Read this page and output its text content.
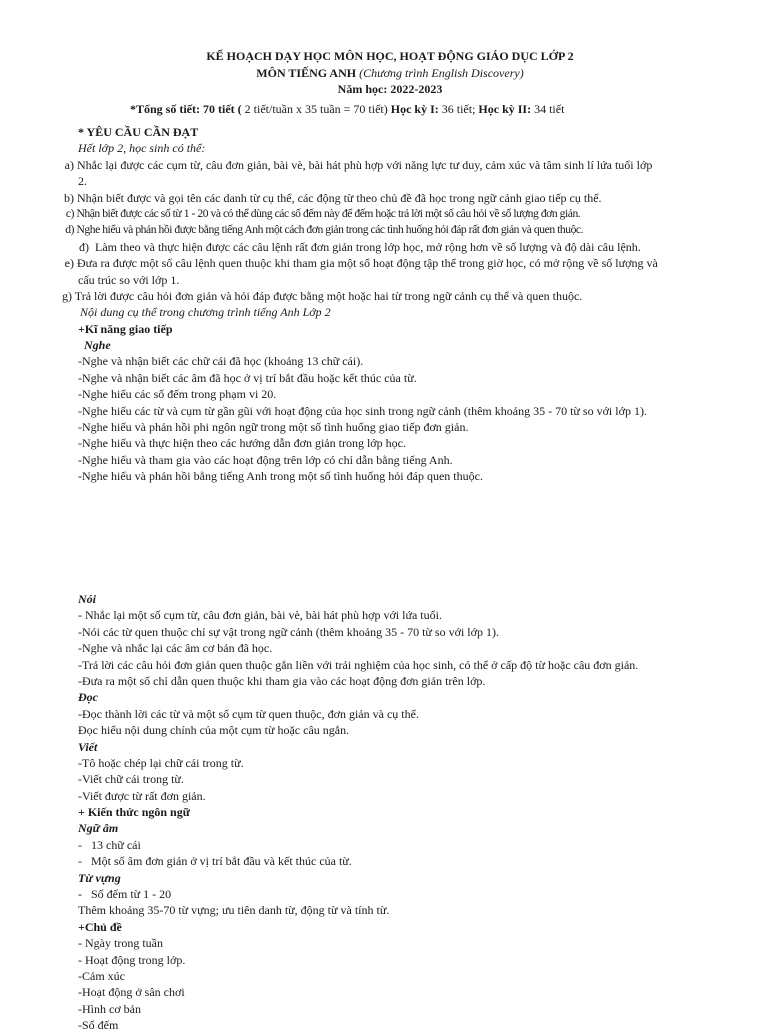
KẾ HOẠCH DẠY HỌC MÔN HỌC, HOẠT ĐỘNG GIÁO DỤC LỚP 2
MÔN TIẾNG ANH (Chương trình English Discovery)
Năm học: 2022-2023
*Tổng số tiết: 70 tiết ( 2 tiết/tuần x 35 tuần = 70 tiết) Học kỳ I: 36 tiết; Học kỳ II: 34 tiết
* YÊU CẦU CẦN ĐẠT
Hết lớp 2, học sinh có thể:
a) Nhắc lại được các cụm từ, câu đơn giản, bài vè, bài hát phù hợp với năng lực tư duy, cảm xúc và tâm sinh lí lứa tuổi lớp
2.
b) Nhận biết được và gọi tên các danh từ cụ thể, các động từ theo chủ đề đã học trong ngữ cảnh giao tiếp cụ thể.
c) Nhận biết được các số từ 1 - 20 và có thể dùng các số đếm này để đếm hoặc trả lời một số câu hỏi về số lượng đơn giản.
d) Nghe hiểu và phản hồi được bằng tiếng Anh một cách đơn giản trong các tình huống hỏi đáp rất đơn giản và quen thuộc.
đ) Làm theo và thực hiện được các câu lệnh rất đơn giản trong lớp học, mở rộng hơn về số lượng và độ dài câu lệnh.
e) Đưa ra được một số câu lệnh quen thuộc khi tham gia một số hoạt động tập thể trong giờ học, có mở rộng về số lượng và
cấu trúc so với lớp 1.
g) Trả lời được câu hỏi đơn giản và hỏi đáp được bằng một hoặc hai từ trong ngữ cảnh cụ thể và quen thuộc.
Nội dung cụ thể trong chương trình tiếng Anh Lớp 2
+Kĩ năng giao tiếp
Nghe
-Nghe và nhận biết các chữ cái đã học (khoảng 13 chữ cái).
-Nghe và nhận biết các âm đã học ở vị trí bắt đầu hoặc kết thúc của từ.
-Nghe hiểu các số đếm trong phạm vi 20.
-Nghe hiểu các từ và cụm từ gần gũi với hoạt động của học sinh trong ngữ cảnh (thêm khoảng 35 - 70 từ so với lớp 1).
-Nghe hiểu và phản hồi phi ngôn ngữ trong một số tình huống giao tiếp đơn giản.
-Nghe hiểu và thực hiện theo các hướng dẫn đơn giản trong lớp học.
-Nghe hiểu và tham gia vào các hoạt động trên lớp có chỉ dẫn bằng tiếng Anh.
-Nghe hiểu và phản hồi bằng tiếng Anh trong một số tình huống hỏi đáp quen thuộc.
Nói
- Nhắc lại một số cụm từ, câu đơn giản, bài vè, bài hát phù hợp với lứa tuổi.
-Nói các từ quen thuộc chỉ sự vật trong ngữ cảnh (thêm khoảng 35 - 70 từ so với lớp 1).
-Nghe và nhắc lại các âm cơ bản đã học.
-Trả lời các câu hỏi đơn giản quen thuộc gắn liền với trải nghiệm của học sinh, có thể ở cấp độ từ hoặc câu đơn giản.
-Đưa ra một số chỉ dẫn quen thuộc khi tham gia vào các hoạt động đơn giản trên lớp.
Đọc
-Đọc thành lời các từ và một số cụm từ quen thuộc, đơn giản và cụ thể.
Đọc hiểu nội dung chính của một cụm từ hoặc câu ngắn.
Viết
-Tô hoặc chép lại chữ cái trong từ.
-Viết chữ cái trong từ.
-Viết được từ rất đơn giản.
+ Kiến thức ngôn ngữ
Ngữ âm
-   13 chữ cái
-   Một số âm đơn giản ở vị trí bắt đầu và kết thúc của từ.
Từ vựng
-   Số đếm từ 1 - 20
Thêm khoảng 35-70 từ vựng; ưu tiên danh từ, động từ và tính từ.
+Chủ đề
- Ngày trong tuần
- Hoạt động trong lớp.
-Cảm xúc
-Hoạt động ở sân chơi
-Hình cơ bản
-Số đếm
